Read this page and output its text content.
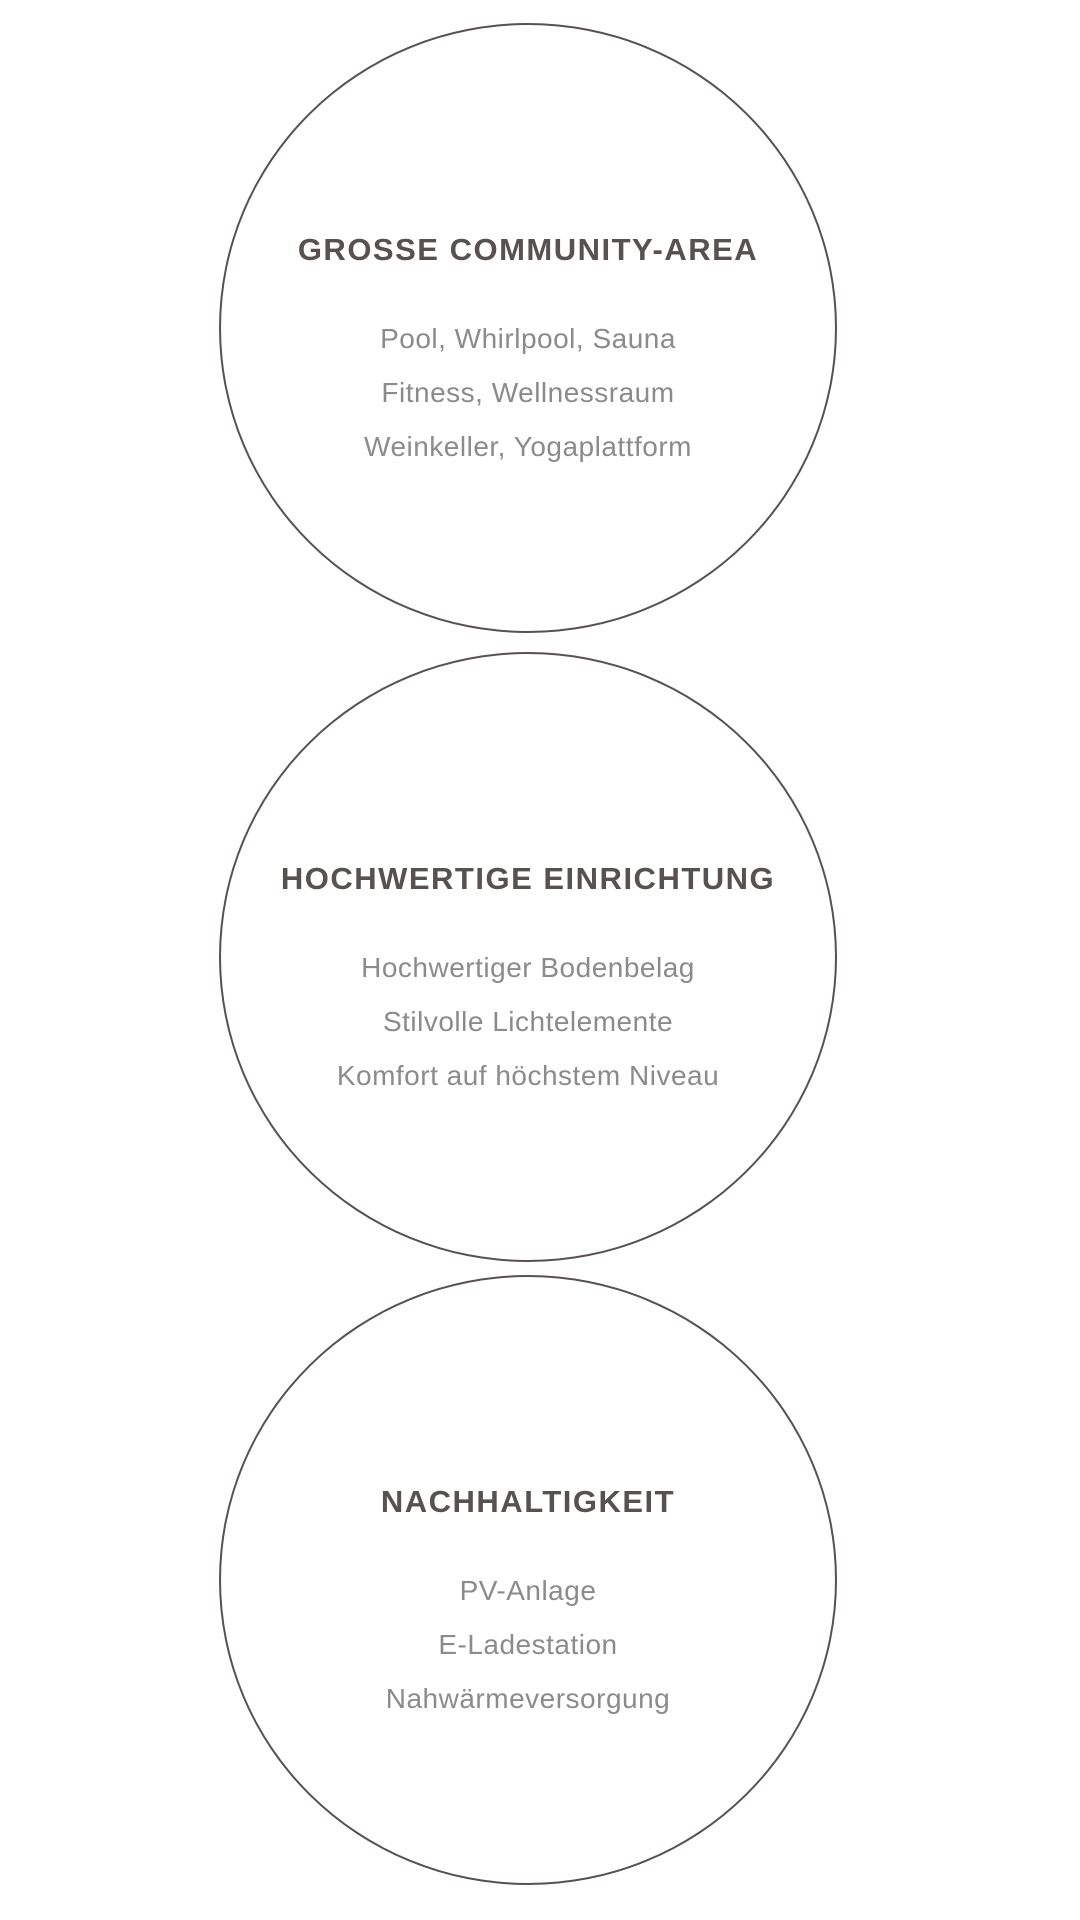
GROSSE COMMUNITY-AREA

Pool, Whirlpool, Sauna

Fitness, Wellnessraum

Weinkeller, Yogaplattform

HOCHWERTIGE EINRICHTUNG

Hochwertiger Bodenbelag

Stilvolle Lichtelemente

Komfort auf höchstem Niveau

NACHHALTIGKEIT

PV-Anlage

E-Ladestation

Nahwärmeversorgung
